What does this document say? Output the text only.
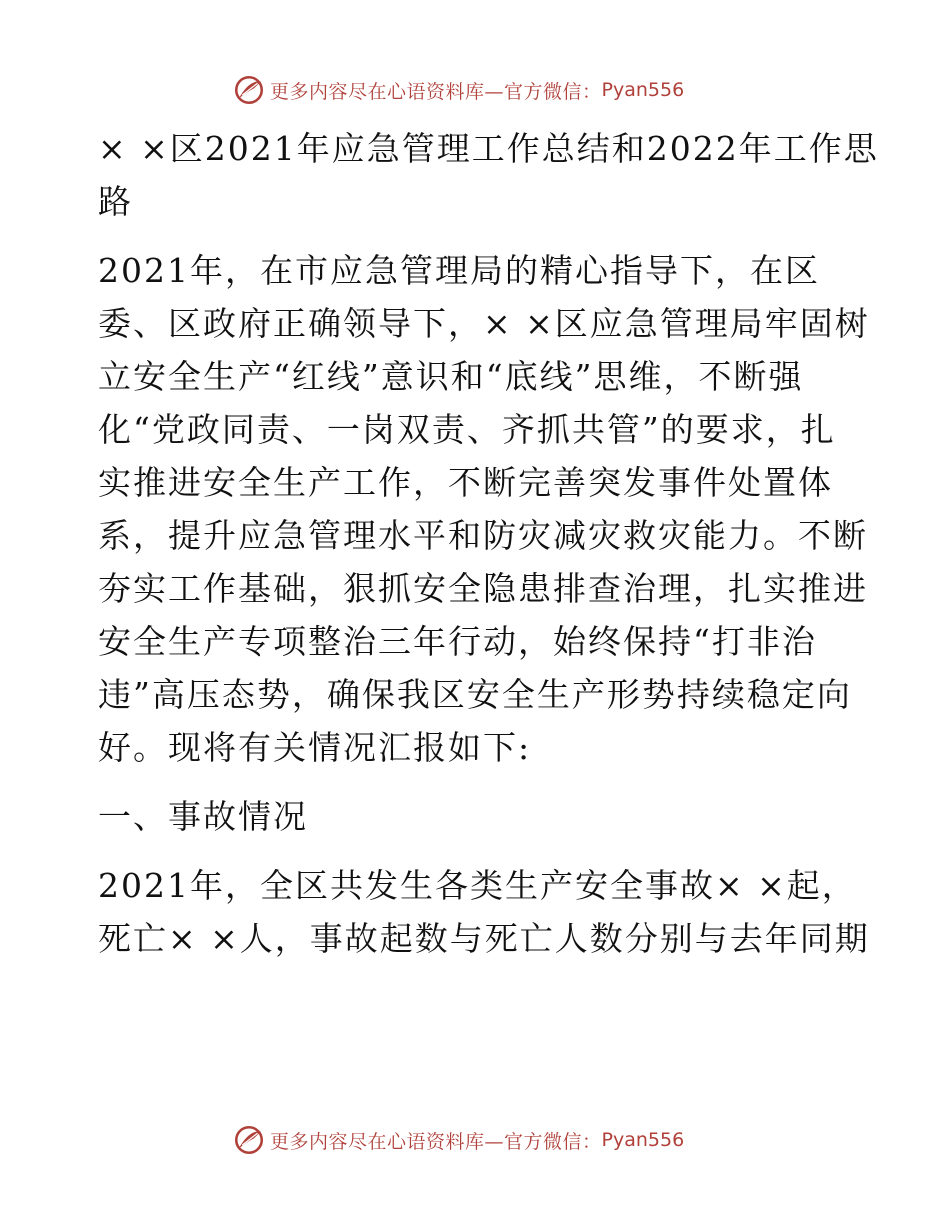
更多内容尽在心语资料库—官方微信： Pyan556
× ×区2021年应急管理工作总结和2022年工作思
路
2021年，在市应急管理局的精心指导下，在区
委、区政府正确领导下，× ×区应急管理局牢固树
立安全生产“红线”意识和“底线”思维，不断强
化“党政同责、一岗双责、齐抓共管”的要求，扎
实推进安全生产工作，不断完善突发事件处置体
系，提升应急管理水平和防灾减灾救灾能力。不断
夯实工作基础，狠抓安全隐患排查治理，扎实推进
安全生产专项整治三年行动，始终保持“打非治
违”高压态势，确保我区安全生产形势持续稳定向
好。现将有关情况汇报如下:
一、事故情况
2021年，全区共发生各类生产安全事故× ×起，
死亡× ×人，事故起数与死亡人数分别与去年同期
更多内容尽在心语资料库—官方微信： Pyan556
